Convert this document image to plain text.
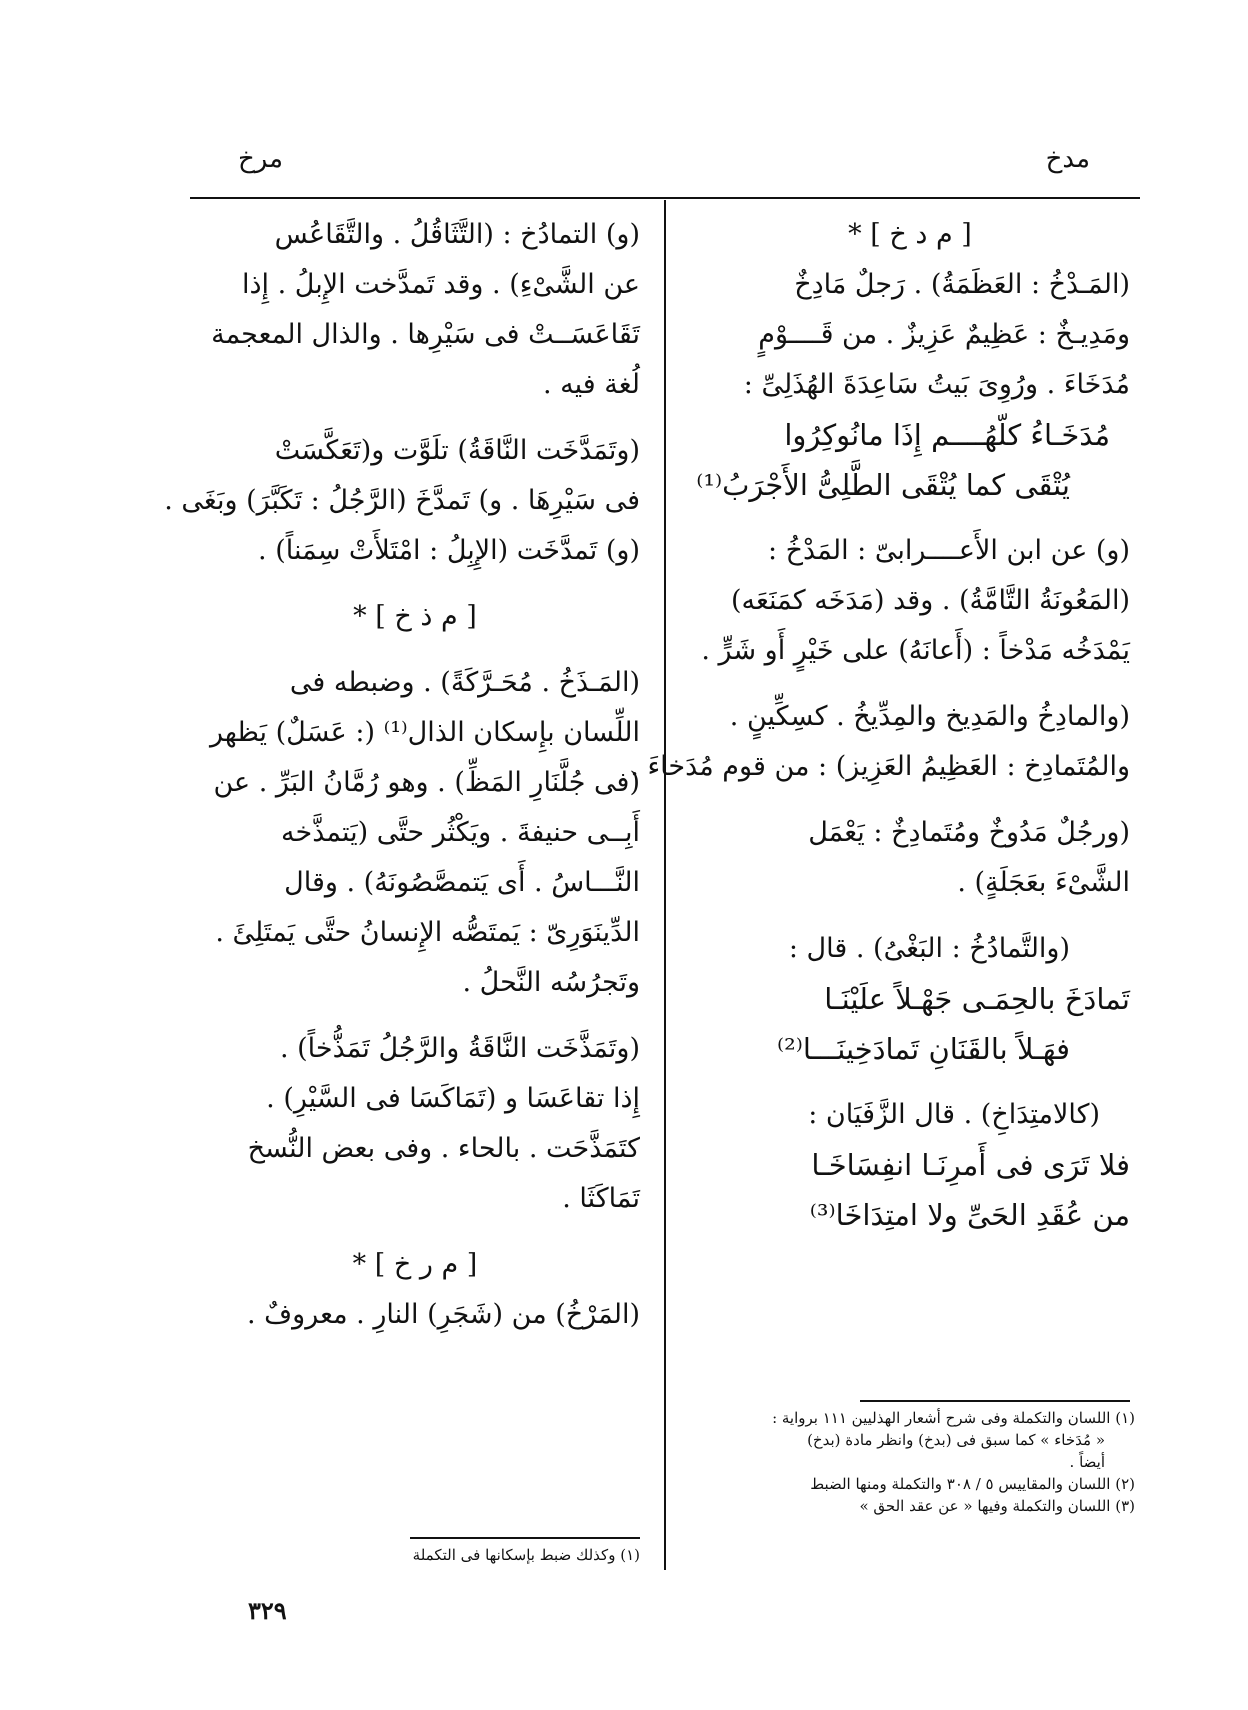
مدخ
مرخ
[ م د خ ] *
(المَـدْخُ : العَظَمَةُ) . رَجلٌ مَادِخٌ
ومَدِيـخٌ : عَظِيمٌ عَزِيزٌ . من قَــــوْمٍ
مُدَخَاءَ . ورُوِىَ بَيتُ سَاعِدَةَ الهُذَلِىِّ :
مُدَخَـاءُ كلّهُــــم إِذَا مانُوكِرُوا
يُتْقَى كما يُتْقَى الطَّلِىُّ الأَجْرَبُ⁽¹⁾
(و) عن ابن الأَعــــرابىّ : المَدْخُ :
(المَعُونَةُ التَّامَّةُ) . وقد (مَدَخَه كمَنَعَه)
يَمْدَخُه مَدْخاً : (أَعانَهُ) على خَيْرٍ أَو شَرٍّ .
(والمادِخُ والمَدِيخ والمِدِّيخُ . كسِكِّينٍ .
والمُتَمادِخ : العَظِيمُ العَزِيز) : من قوم مُدَخاءَ .
(ورجُلٌ مَدُوخٌ ومُتَمادِخٌ : يَعْمَل
الشَّىْءَ بعَجَلَةٍ) .
(والتَّمادُخُ : البَغْىُ) . قال :
تَمادَخَ بالحِمَـى جَهْـلاً علَيْنَـا
فهَـلاً بالقَنَانِ تَمادَخِينَـــا⁽²⁾
(كالامتِدَاخِ) . قال الزَّفَيَان :
فلا تَرَى فى أَمرِنَـا انفِسَاخَـا
من عُقَدِ الحَىِّ ولا امتِدَاخَا⁽³⁾
(و) التمادُخ : (التَّثَاقُلُ . والتَّقَاعُس
عن الشَّىْءِ) . وقد تَمدَّخت الإِبلُ . إِذا
تَقَاعَسَــتْ فى سَيْرِها . والذال المعجمة
لُغة فيه .
(وتَمَدَّخَت النَّاقَةُ) تلَوَّت و(تَعَكَّسَتْ
فى سَيْرِهَا . و) تَمدَّخَ (الرَّجُلُ : تَكَبَّرَ) وبَغَى .
(و) تَمدَّخَت (الإِبِلُ : امْتَلأَتْ سِمَناً) .
[ م ذ خ ] *
(المَـذَخُ . مُحَـرَّكَةً) . وضبطه فى
اللِّسان بإِسكان الذال⁽¹⁾ (: عَسَلٌ) يَظهر
(فى جُلَّنَارِ المَظِّ) . وهو رُمَّانُ البَرِّ . عن
أَبِــى حنيفةَ . ويَكْثُر حتَّى (يَتمذَّخه
النَّـــاسُ . أَى يَتمصَّصُونَهُ) . وقال
الدِّينَوَرِىّ : يَمتَصُّه الإِنسانُ حتَّى يَمتَلِئَ .
وتَجرُسُه النَّحلُ .
(وتَمَذَّخَت النَّاقَةُ والرَّجُلُ تَمَذُّخاً) .
إِذا تقاعَسَا و (تَمَاكَسَا فى السَّيْرِ) .
كتَمَذَّحَت . بالحاء . وفى بعض النُّسخ
تَمَاكَثَا .
[ م ر خ ] *
(المَرْخُ) من (شَجَرِ) النارِ . معروفٌ .
(١) اللسان والتكملة وفى شرح أشعار الهذليين ١١١ برواية :
« مُدَخاء » كما سبق فى (بدخ) وانظر مادة (بدخ)
أيضاً .
(٢) اللسان والمقاييس ٥ / ٣٠٨ والتكملة ومنها الضبط
(٣) اللسان والتكملة وفيها « عن عقد الحق »
(١) وكذلك ضبط بإسكانها فى التكملة
٣٢٩
